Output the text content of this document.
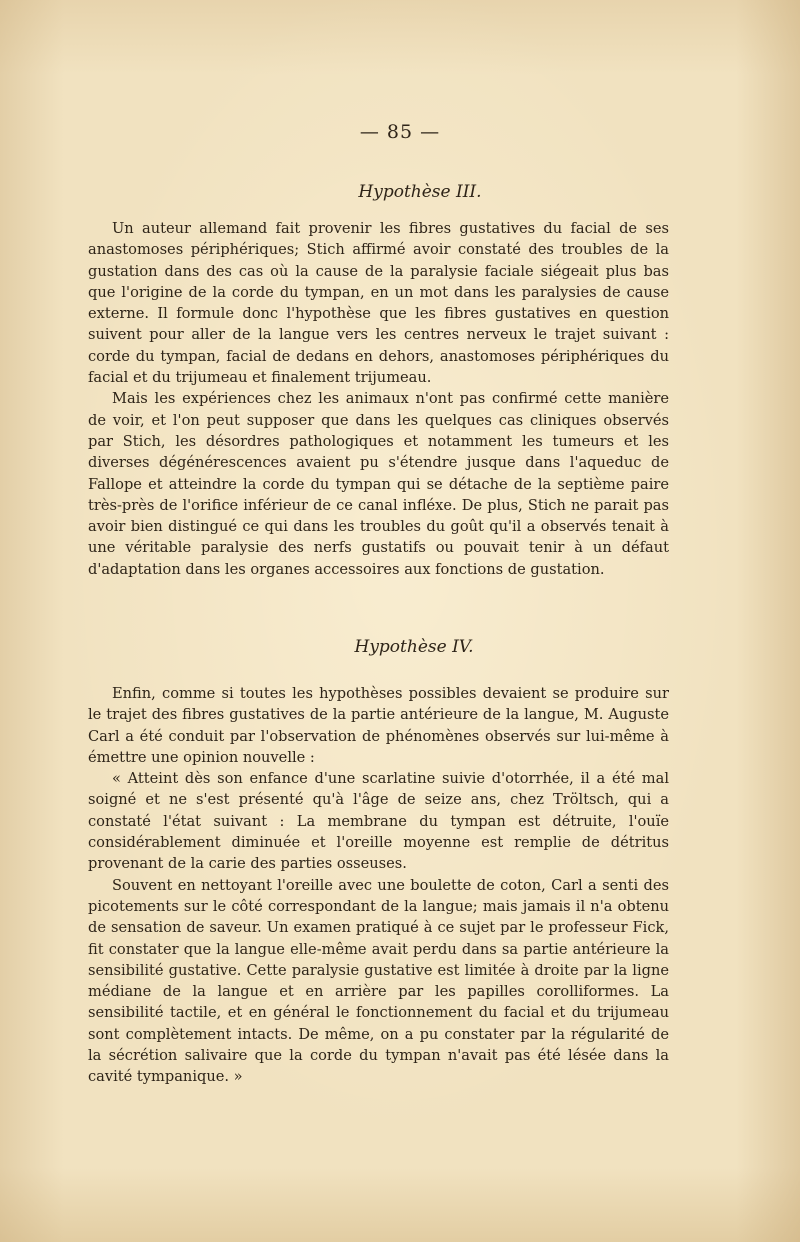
— 85 —
Hypothèse III.

Un auteur allemand fait provenir les fibres gustatives du facial de ses anastomoses périphériques; Stich affirmé avoir constaté des troubles de la gustation dans des cas où la cause de la paralysie faciale siégeait plus bas que l'origine de la corde du tympan, en un mot dans les paralysies de cause externe. Il formule donc l'hypothèse que les fibres gustatives en question suivent pour aller de la langue vers les centres nerveux le trajet suivant : corde du tympan, facial de dedans en dehors, anastomoses périphériques du facial et du trijumeau et finalement trijumeau.

Mais les expériences chez les animaux n'ont pas confirmé cette manière de voir, et l'on peut supposer que dans les quelques cas cliniques observés par Stich, les désordres pathologiques et notamment les tumeurs et les diverses dégénérescences avaient pu s'étendre jusque dans l'aqueduc de Fallope et atteindre la corde du tympan qui se détache de la septième paire très-près de l'orifice inférieur de ce canal infléxe. De plus, Stich ne parait pas avoir bien distingué ce qui dans les troubles du goût qu'il a observés tenait à une véritable paralysie des nerfs gustatifs ou pouvait tenir à un défaut d'adaptation dans les organes accessoires aux fonctions de gustation.

Hypothèse IV.

Enfin, comme si toutes les hypothèses possibles devaient se produire sur le trajet des fibres gustatives de la partie antérieure de la langue, M. Auguste Carl a été conduit par l'observation de phénomènes observés sur lui-même à émettre une opinion nouvelle :

« Atteint dès son enfance d'une scarlatine suivie d'otorrhée, il a été mal soigné et ne s'est présenté qu'à l'âge de seize ans, chez Tröltsch, qui a constaté l'état suivant : La membrane du tympan est détruite, l'ouïe considérablement diminuée et l'oreille moyenne est remplie de détritus provenant de la carie des parties osseuses.

Souvent en nettoyant l'oreille avec une boulette de coton, Carl a senti des picotements sur le côté correspondant de la langue; mais jamais il n'a obtenu de sensation de saveur. Un examen pratiqué à ce sujet par le professeur Fick, fit constater que la langue elle-même avait perdu dans sa partie antérieure la sensibilité gustative. Cette paralysie gustative est limitée à droite par la ligne médiane de la langue et en arrière par les papilles corolliformes. La sensibilité tactile, et en général le fonctionnement du facial et du trijumeau sont complètement intacts. De même, on a pu constater par la régularité de la sécrétion salivaire que la corde du tympan n'avait pas été lésée dans la cavité tympanique. »
